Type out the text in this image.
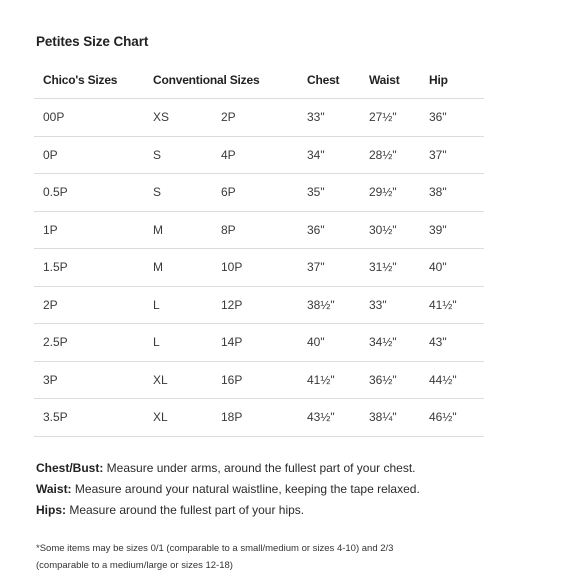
Petites Size Chart
Chico's Sizes	Conventional Sizes		Chest	Waist	Hip
00P	XS	2P	33"	27½"	36"
0P	S	4P	34"	28½"	37"
0.5P	S	6P	35"	29½"	38"
1P	M	8P	36"	30½"	39"
1.5P	M	10P	37"	31½"	40"
2P	L	12P	38½"	33"	41½"
2.5P	L	14P	40"	34½"	43"
3P	XL	16P	41½"	36½"	44½"
3.5P	XL	18P	43½"	38¼"	46½"
Chest/Bust: Measure under arms, around the fullest part of your chest.
Waist: Measure around your natural waistline, keeping the tape relaxed.
Hips: Measure around the fullest part of your hips.
*Some items may be sizes 0/1 (comparable to a small/medium or sizes 4-10) and 2/3
(comparable to a medium/large or sizes 12-18)
